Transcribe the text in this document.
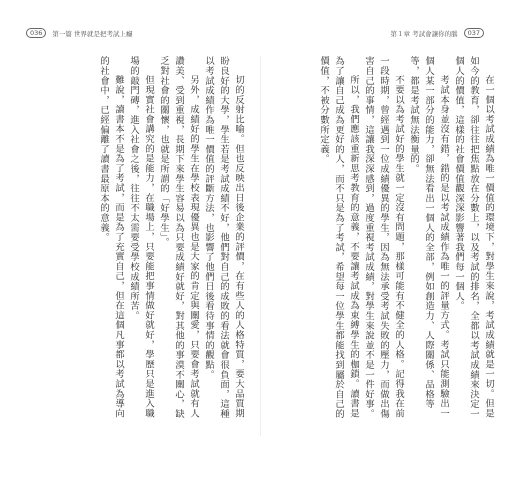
036	第一篇 世界就是把考試上癮

切的反射比喻。但也反映出日後企業的評價，在有些人的人格特質，要大品質期盼良好的大學，學生若是考試成績不好，他們對自己的成敗的看法就會很負面，這種以考試成績作為唯一價值的評斷方法，也影響了他們日後看待事情的觀點。

另外，成績好的學生在學校表現優異也是大家的肯定與關愛，只要會考試就有人讚美、受到重視，長期下來學生容易以為只要成績好就好，對其他的事漠不關心，缺乏對社會的關懷，也就是所謂的「好學生」。

但現實社會講究的是能力，在職場上，只要能把事情做好就好，學歷只是進入職場的敲門磚，進入社會之後，往往不太需要受學校成績所苦。

難說，讀書本不是為了考試，而是為了充實自己，但在這個凡事都以考試為導向的社會中，已經偏離了讀書最原本的意義。

037
第１章 考試會讓你的腦

在一個以考試成績為唯一價值的環境下，對學生來說，考試成績就是一切。但是如今的教育，卻往往把焦點放在分數上，以及考試的排名，全都以考試成績來決定一個人的價值，這樣的社會價值觀深深影響著我們每一個人。

考試本身並沒有錯，錯的是以考試成績作為唯一的評量方式。考試只能測驗出一個人某一部分的能力，卻無法看出一個人的全部，例如創造力、人際關係、品格等等，都是考試無法衡量的。

不要以為考試好的學生就一定沒有問題，那樣可能有不健全的人格。記得我在前一段時期，曾經遇到一位成績優異的學生，因為無法承受考試失敗的壓力，而做出傷害自己的事情，這讓我深深感到，過度重視考試成績，對學生來說並不是一件好事。

所以，我們應該重新思考教育的意義，不要讓考試成為束縛學生的枷鎖。讀書是為了讓自己成為更好的人，而不只是為了考試，希望每一位學生都能找到屬於自己的價值，不被分數所定義。
